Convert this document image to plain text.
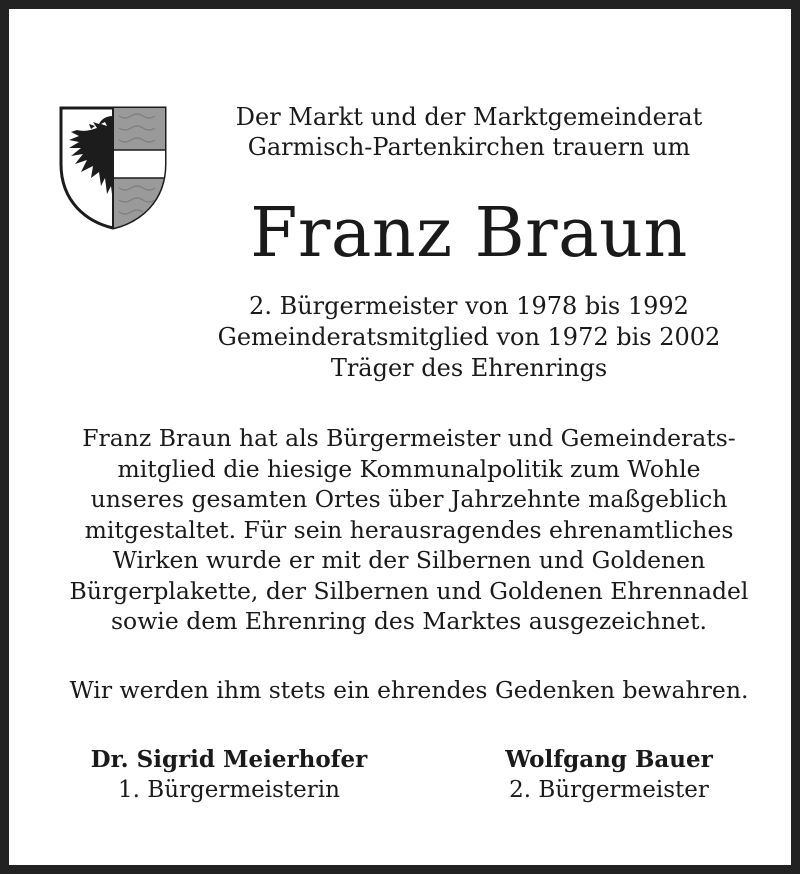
Der Markt und der Marktgemeinderat
Garmisch-Partenkirchen trauern um
Franz Braun
2. Bürgermeister von 1978 bis 1992
Gemeinderatsmitglied von 1972 bis 2002
Träger des Ehrenrings
Franz Braun hat als Bürgermeister und Gemeinderats-
mitglied die hiesige Kommunalpolitik zum Wohle
unseres gesamten Ortes über Jahrzehnte maßgeblich
mitgestaltet. Für sein herausragendes ehrenamtliches
Wirken wurde er mit der Silbernen und Goldenen
Bürgerplakette, der Silbernen und Goldenen Ehrennadel
sowie dem Ehrenring des Marktes ausgezeichnet.
Wir werden ihm stets ein ehrendes Gedenken bewahren.
Dr. Sigrid Meierhofer
1. Bürgermeisterin
Wolfgang Bauer
2. Bürgermeister
